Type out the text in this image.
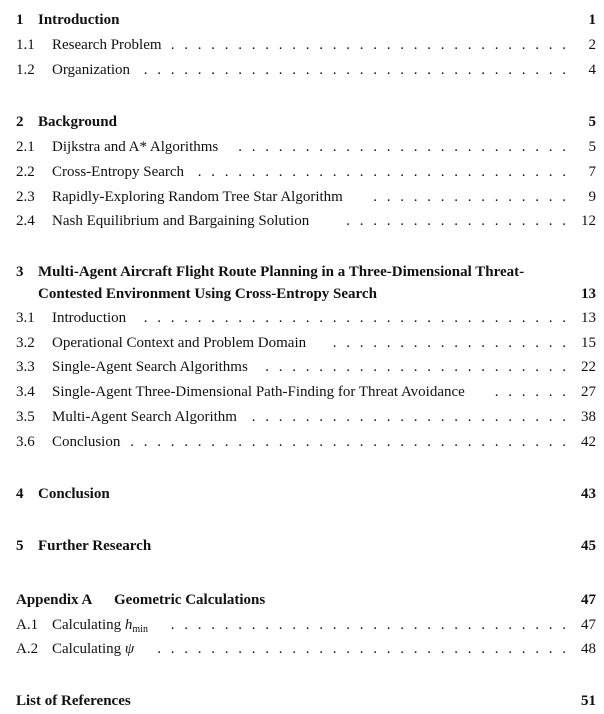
1 Introduction	1
1.1 Research Problem . . .	2
1.2 Organization . . .	4
2 Background	5
2.1 Dijkstra and A* Algorithms . . .	5
2.2 Cross-Entropy Search . . .	7
2.3 Rapidly-Exploring Random Tree Star Algorithm . . .	9
2.4 Nash Equilibrium and Bargaining Solution . . .	12
3 Multi-Agent Aircraft Flight Route Planning in a Three-Dimensional Threat-
Contested Environment Using Cross-Entropy Search	13
3.1 Introduction . . .	13
3.2 Operational Context and Problem Domain . . .	15
3.3 Single-Agent Search Algorithms . . .	22
3.4 Single-Agent Three-Dimensional Path-Finding for Threat Avoidance . . .	27
3.5 Multi-Agent Search Algorithm . . .	38
3.6 Conclusion . . .	42
4 Conclusion	43
5 Further Research	45
Appendix A Geometric Calculations	47
A.1 Calculating $h_{min}$ . . .	47
A.2 Calculating ψ . . .	48
List of References	51
